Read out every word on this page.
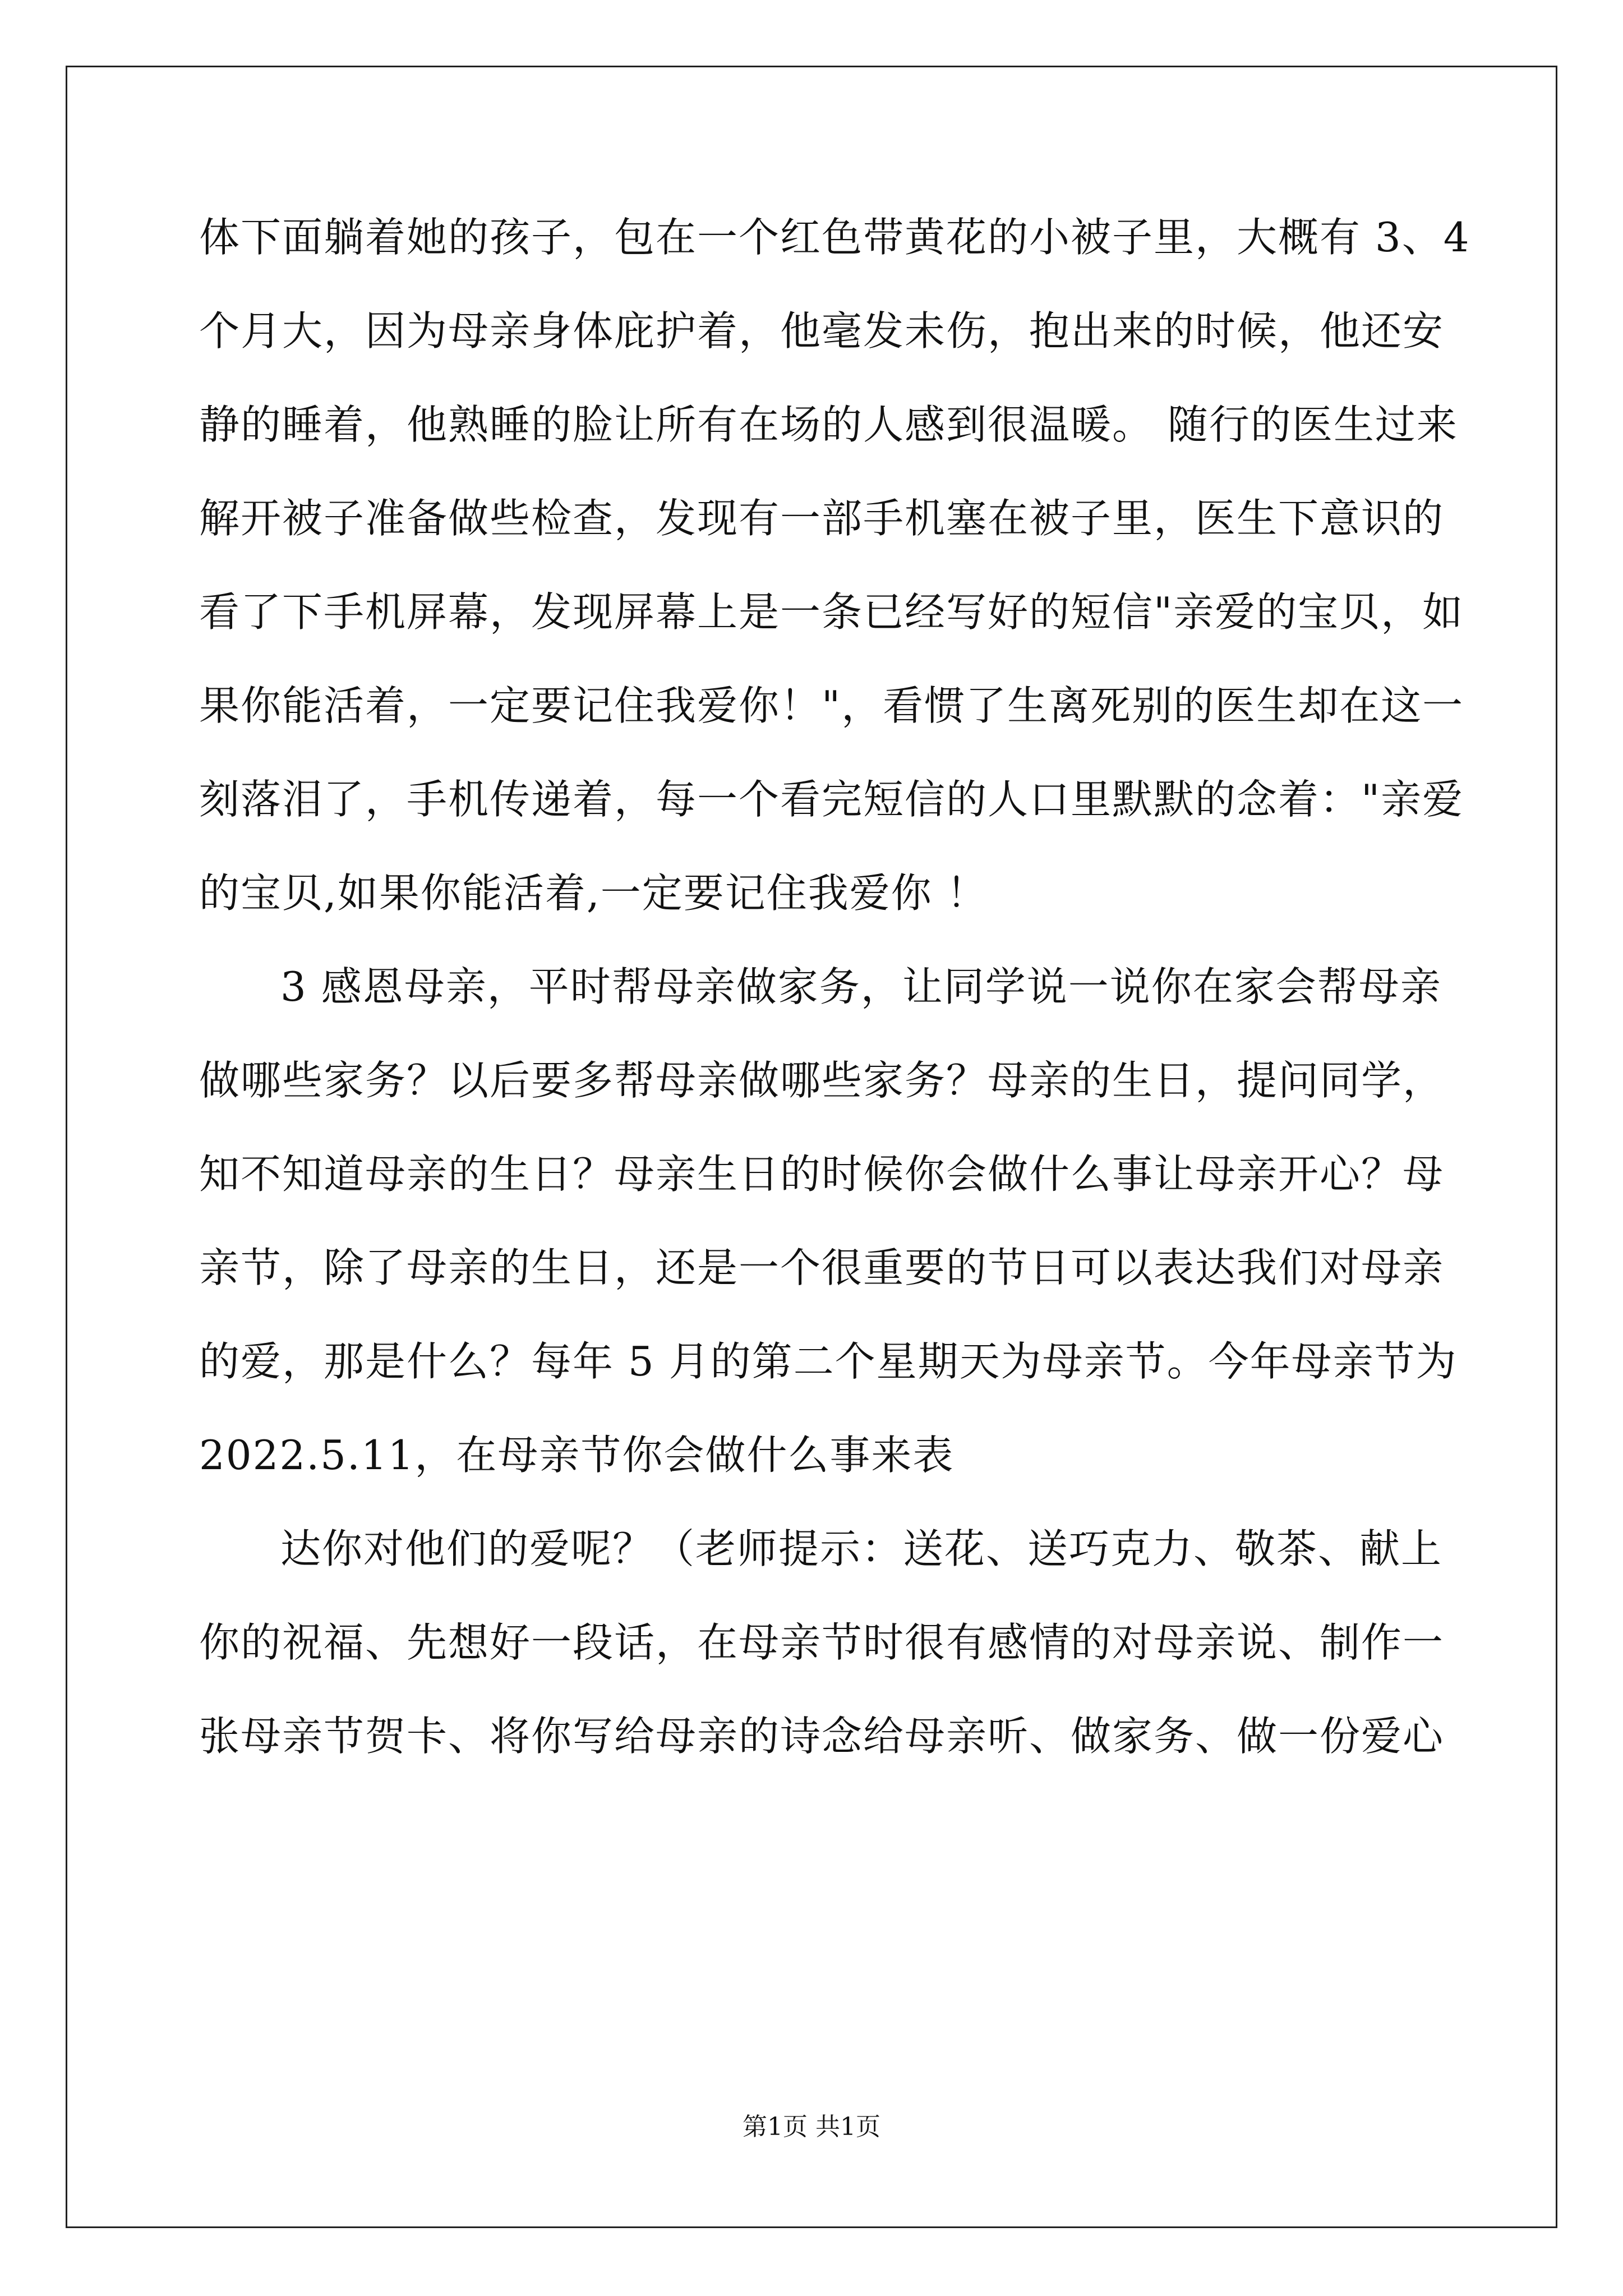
体下面躺着她的孩子，包在一个红色带黄花的小被子里，大概有 3、4
个月大，因为母亲身体庇护着，他毫发未伤，抱出来的时候，他还安
静的睡着，他熟睡的脸让所有在场的人感到很温暖。 随行的医生过来
解开被子准备做些检查，发现有一部手机塞在被子里，医生下意识的
看了下手机屏幕，发现屏幕上是一条已经写好的短信"亲爱的宝贝，如
果你能活着，一定要记住我爱你！"，看惯了生离死别的医生却在这一
刻落泪了，手机传递着，每一个看完短信的人口里默默的念着："亲爱
的宝贝,如果你能活着,一定要记住我爱你 ！
3 感恩母亲，平时帮母亲做家务，让同学说一说你在家会帮母亲
做哪些家务？以后要多帮母亲做哪些家务？母亲的生日，提问同学，
知不知道母亲的生日？母亲生日的时候你会做什么事让母亲开心？母
亲节，除了母亲的生日，还是一个很重要的节日可以表达我们对母亲
的爱，那是什么？每年 5 月的第二个星期天为母亲节。今年母亲节为
2022.5.11，在母亲节你会做什么事来表
达你对他们的爱呢？（老师提示：送花、送巧克力、敬茶、献上
你的祝福、先想好一段话，在母亲节时很有感情的对母亲说、制作一
张母亲节贺卡、将你写给母亲的诗念给母亲听、做家务、做一份爱心
第1页 共1页
